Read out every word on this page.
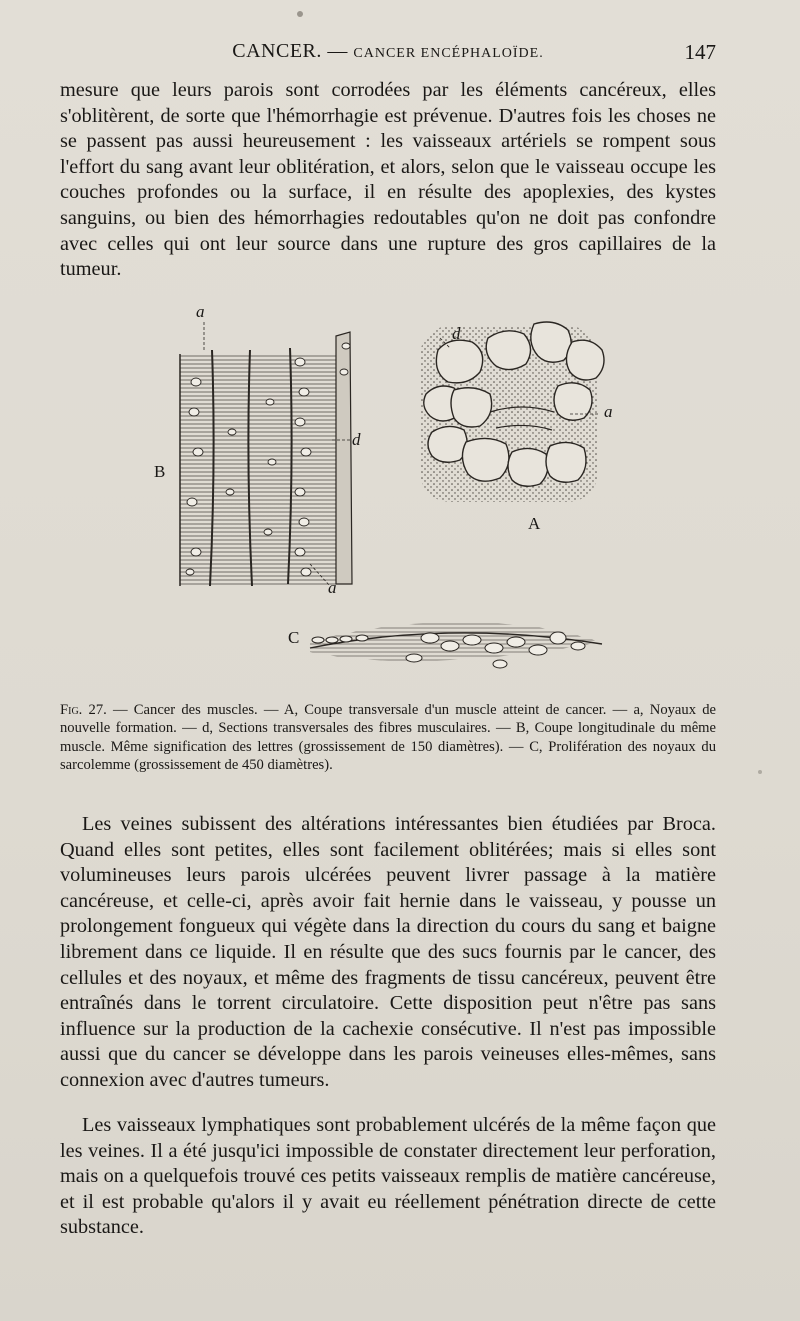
CANCER. — CANCER ENCÉPHALOÏDE.	147

mesure que leurs parois sont corrodées par les éléments cancéreux, elles s'oblitèrent, de sorte que l'hémorrhagie est prévenue. D'autres fois les choses ne se passent pas aussi heureusement : les vaisseaux artériels se rompent sous l'effort du sang avant leur oblitération, et alors, selon que le vaisseau occupe les couches profondes ou la surface, il en résulte des apoplexies, des kystes sanguins, ou bien des hémorrhagies redoutables qu'on ne doit pas confondre avec celles qui ont leur source dans une rupture des gros capillaires de la tumeur.

a
d
a
d
a
B
A
C

Fig. 27. — Cancer des muscles. — A, Coupe transversale d'un muscle atteint de cancer. — a, Noyaux de nouvelle formation. — d, Sections transversales des fibres musculaires. — B, Coupe longitudinale du même muscle. Même signification des lettres (grossissement de 150 diamètres). — C, Prolifération des noyaux du sarcolemme (grossissement de 450 diamètres).

Les veines subissent des altérations intéressantes bien étudiées par Broca. Quand elles sont petites, elles sont facilement oblitérées; mais si elles sont volumineuses leurs parois ulcérées peuvent livrer passage à la matière cancéreuse, et celle-ci, après avoir fait hernie dans le vaisseau, y pousse un prolongement fongueux qui végète dans la direction du cours du sang et baigne librement dans ce liquide. Il en résulte que des sucs fournis par le cancer, des cellules et des noyaux, et même des fragments de tissu cancéreux, peuvent être entraînés dans le torrent circulatoire. Cette disposition peut n'être pas sans influence sur la production de la cachexie consécutive. Il n'est pas impossible aussi que du cancer se développe dans les parois veineuses elles-mêmes, sans connexion avec d'autres tumeurs.

Les vaisseaux lymphatiques sont probablement ulcérés de la même façon que les veines. Il a été jusqu'ici impossible de constater directement leur perforation, mais on a quelquefois trouvé ces petits vaisseaux remplis de matière cancéreuse, et il est probable qu'alors il y avait eu réellement pénétration directe de cette substance.
